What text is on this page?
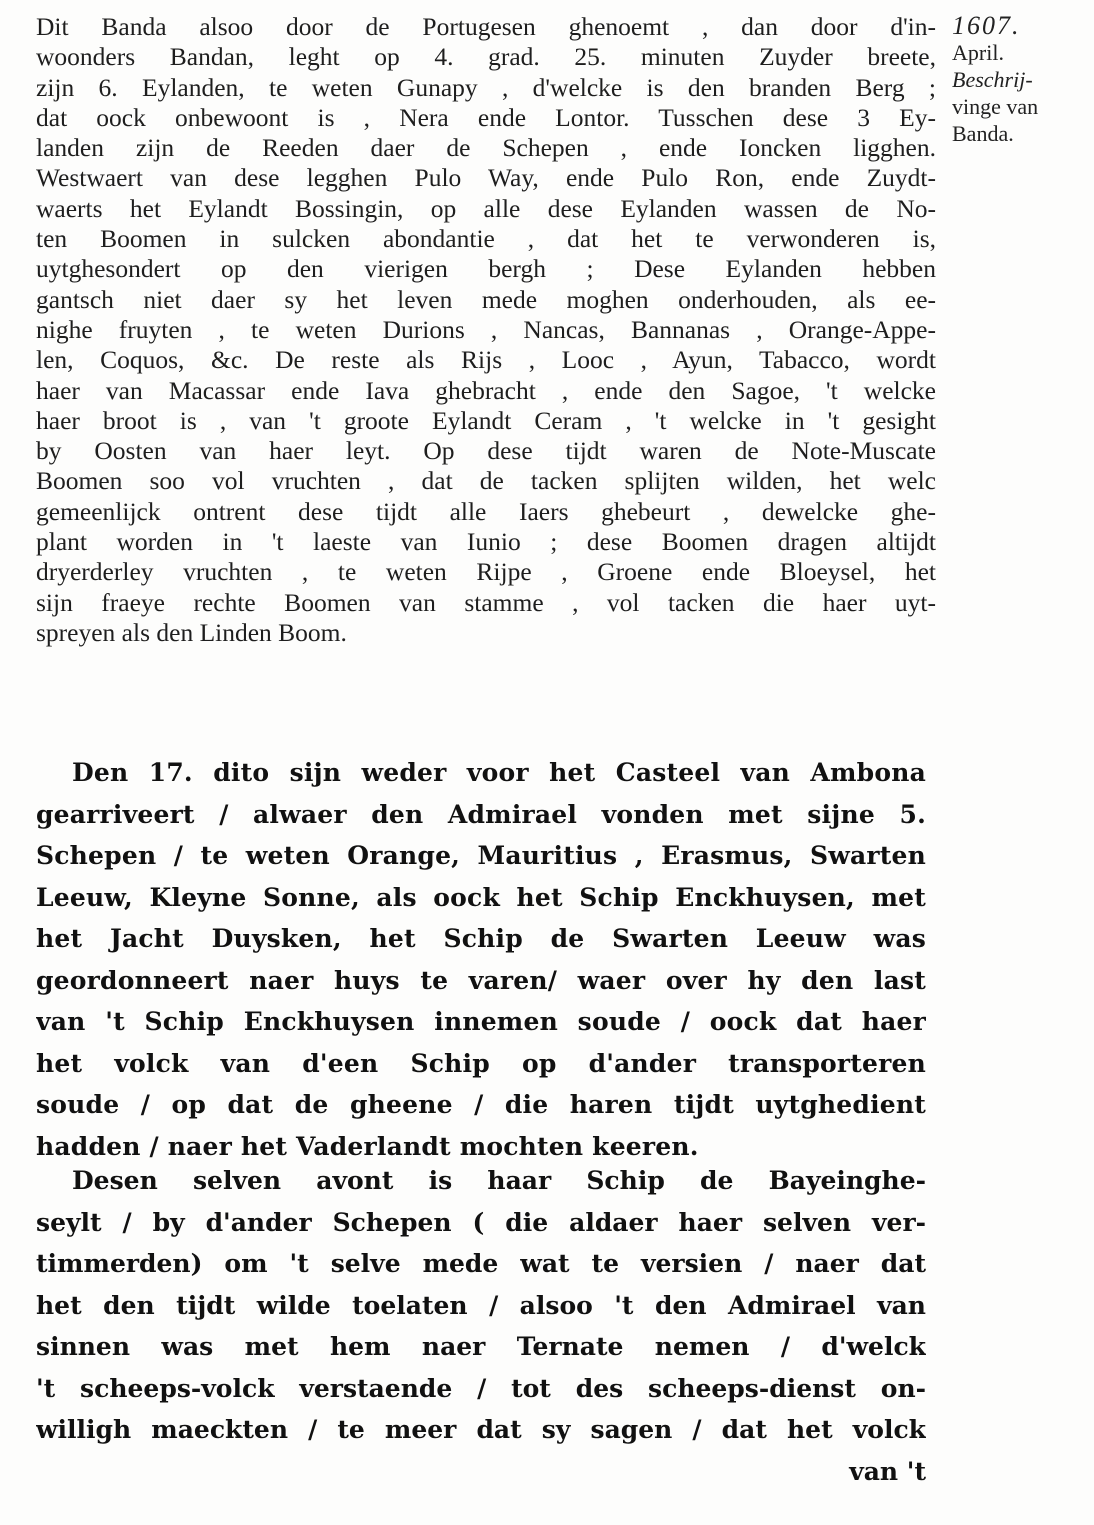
1607.
April.
Beschrij-
vinge van
Banda.
Dit Banda alsoo door de Portugesen ghenoemt , dan door d'in-
woonders Bandan, leght op 4. grad. 25. minuten Zuyder breete,
zijn 6. Eylanden, te weten Gunapy , d'welcke is den branden Berg ;
dat oock onbewoont is , Nera ende Lontor. Tusschen dese 3 Ey-
landen zijn de Reeden daer de Schepen , ende Ioncken ligghen.
Westwaert van dese legghen Pulo Way, ende Pulo Ron, ende Zuydt-
waerts het Eylandt Bossingin, op alle dese Eylanden wassen de No-
ten Boomen in sulcken abondantie , dat het te verwonderen is,
uytghesondert op den vierigen bergh ; Dese Eylanden hebben
gantsch niet daer sy het leven mede moghen onderhouden, als ee-
nighe fruyten , te weten Durions , Nancas, Bannanas , Orange-Appe-
len, Coquos, &c. De reste als Rijs , Looc , Ayun, Tabacco, wordt
haer van Macassar ende Iava ghebracht , ende den Sagoe, 't welcke
haer broot is , van 't groote Eylandt Ceram , 't welcke in 't gesight
by Oosten van haer leyt. Op dese tijdt waren de Note-Muscate
Boomen soo vol vruchten , dat de tacken splijten wilden, het welc
gemeenlijck ontrent dese tijdt alle Iaers ghebeurt , dewelcke ghe-
plant worden in 't laeste van Iunio ; dese Boomen dragen altijdt
dryerderley vruchten , te weten Rijpe , Groene ende Bloeysel, het
sijn fraeye rechte Boomen van stamme , vol tacken die haer uyt-
spreyen als den Linden Boom.
Den 17. dito sijn weder voor het Casteel van Ambona
gearriveert / alwaer den Admirael vonden met sijne 5.
Schepen / te weten Orange, Mauritius , Erasmus, Swarten
Leeuw, Kleyne Sonne, als oock het Schip Enckhuysen, met
het Jacht Duysken, het Schip de Swarten Leeuw was
geordonneert naer huys te varen/ waer over hy den last
van 't Schip Enckhuysen innemen soude / oock dat haer
het volck van d'een Schip op d'ander transporteren
soude / op dat de gheene / die haren tijdt uytghedient
hadden / naer het Vaderlandt mochten keeren.
Desen selven avont is haar Schip de Bayeinghe-
seylt / by d'ander Schepen ( die aldaer haer selven ver-
timmerden) om 't selve mede wat te versien / naer dat
het den tijdt wilde toelaten / alsoo 't den Admirael van
sinnen was met hem naer Ternate nemen / d'welck
't scheeps-volck verstaende / tot des scheeps-dienst on-
willigh maeckten / te meer dat sy sagen / dat het volck
van 't
